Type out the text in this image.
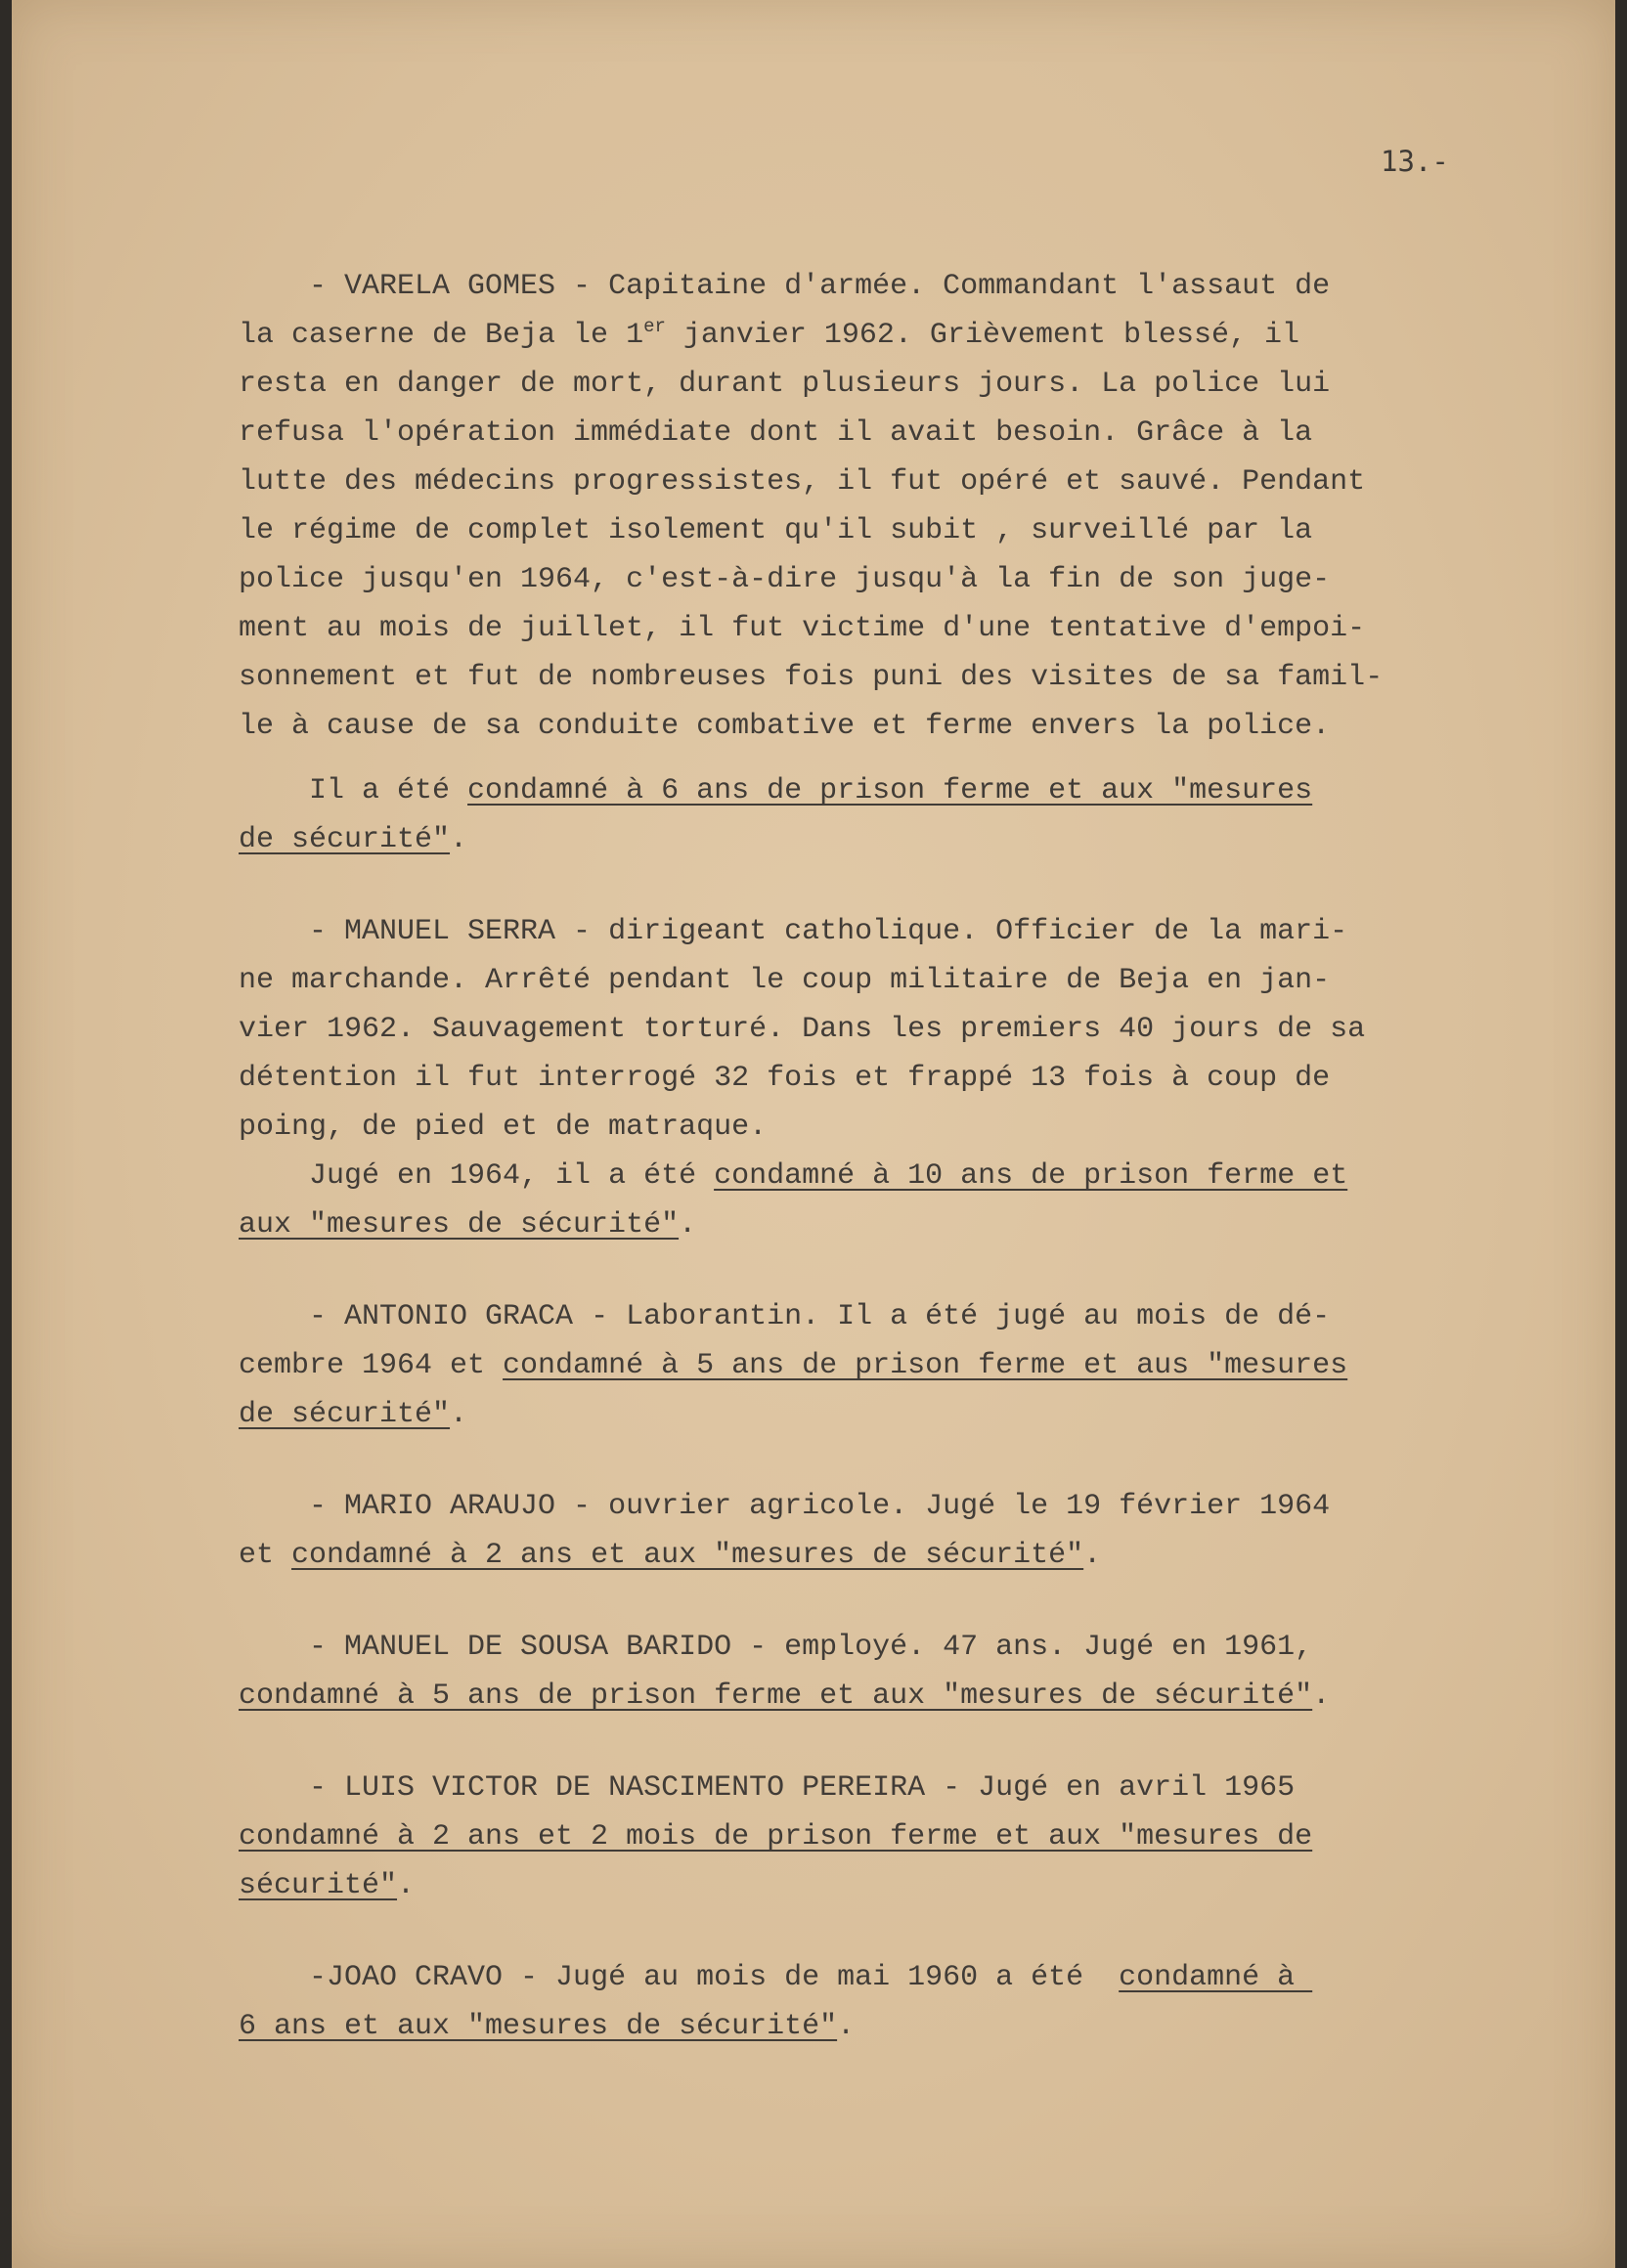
13.-

- VARELA GOMES - Capitaine d'armée. Commandant l'assaut de

la caserne de Beja le 1er janvier 1962. Grièvement blessé, il

resta en danger de mort, durant plusieurs jours. La police lui

refusa l'opération immédiate dont il avait besoin. Grâce à la

lutte des médecins progressistes, il fut opéré et sauvé. Pendant

le régime de complet isolement qu'il subit , surveillé par la

police jusqu'en 1964, c'est-à-dire jusqu'à la fin de son juge-

ment au mois de juillet, il fut victime d'une tentative d'empoi-

sonnement et fut de nombreuses fois puni des visites de sa famil-

le à cause de sa conduite combative et ferme envers la police.

Il a été condamné à 6 ans de prison ferme et aux "mesures

de sécurité".

- MANUEL SERRA - dirigeant catholique. Officier de la mari-

ne marchande. Arrêté pendant le coup militaire de Beja en jan-

vier 1962. Sauvagement torturé. Dans les premiers 40 jours de sa

détention il fut interrogé 32 fois et frappé 13 fois à coup de

poing, de pied et de matraque.

Jugé en 1964, il a été condamné à 10 ans de prison ferme et

aux "mesures de sécurité".

- ANTONIO GRACA - Laborantin. Il a été jugé au mois de dé-

cembre 1964 et condamné à 5 ans de prison ferme et aus "mesures

de sécurité".

- MARIO ARAUJO - ouvrier agricole. Jugé le 19 février 1964

et condamné à 2 ans et aux "mesures de sécurité".

- MANUEL DE SOUSA BARIDO - employé. 47 ans. Jugé en 1961,

condamné à 5 ans de prison ferme et aux "mesures de sécurité".

- LUIS VICTOR DE NASCIMENTO PEREIRA - Jugé en avril 1965

condamné à 2 ans et 2 mois de prison ferme et aux "mesures de

sécurité".

-JOAO CRAVO - Jugé au mois de mai 1960 a été  condamné à

6 ans et aux "mesures de sécurité".
